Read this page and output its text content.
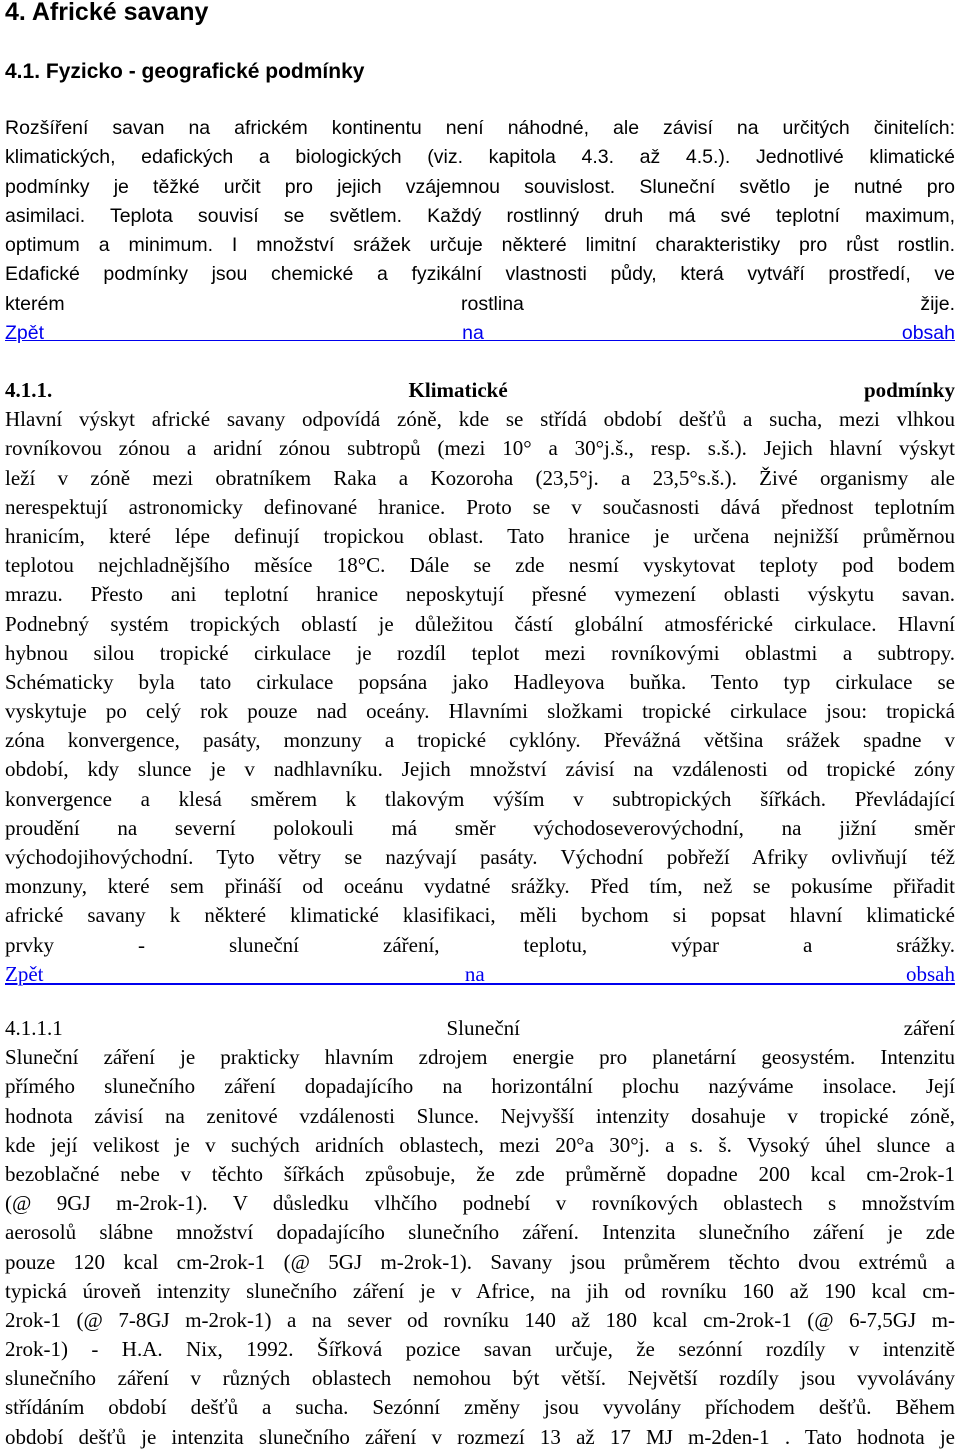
4. Africké savany
4.1. Fyzicko - geografické podmínky
Rozšíření savan na africkém kontinentu není náhodné, ale závisí na určitých činitelích:
klimatických, edafických a biologických (viz. kapitola 4.3. až 4.5.). Jednotlivé klimatické
podmínky je těžké určit pro jejich vzájemnou souvislost. Sluneční světlo je nutné pro
asimilaci. Teplota souvisí se světlem. Každý rostlinný druh má své teplotní maximum,
optimum a minimum. I množství srážek určuje některé limitní charakteristiky pro růst rostlin.
Edafické podmínky jsou chemické a fyzikální vlastnosti půdy, která vytváří prostředí, ve
kterém rostlina žije.
Zpět na obsah
4.1.1. Klimatické podmínky
Hlavní výskyt africké savany odpovídá zóně, kde se střídá období dešťů a sucha, mezi vlhkou
rovníkovou zónou a aridní zónou subtropů (mezi 10° a 30°j.š., resp. s.š.). Jejich hlavní výskyt
leží v zóně mezi obratníkem Raka a Kozoroha (23,5°j. a 23,5°s.š.). Živé organismy ale
nerespektují astronomicky definované hranice. Proto se v současnosti dává přednost teplotním
hranicím, které lépe definují tropickou oblast. Tato hranice je určena nejnižší průměrnou
teplotou nejchladnějšího měsíce 18°C. Dále se zde nesmí vyskytovat teploty pod bodem
mrazu. Přesto ani teplotní hranice neposkytují přesné vymezení oblasti výskytu savan.
Podnebný systém tropických oblastí je důležitou částí globální atmosférické cirkulace. Hlavní
hybnou silou tropické cirkulace je rozdíl teplot mezi rovníkovými oblastmi a subtropy.
Schématicky byla tato cirkulace popsána jako Hadleyova buňka. Tento typ cirkulace se
vyskytuje po celý rok pouze nad oceány. Hlavními složkami tropické cirkulace jsou: tropická
zóna konvergence, pasáty, monzuny a tropické cyklóny. Převážná většina srážek spadne v
období, kdy slunce je v nadhlavníku. Jejich množství závisí na vzdálenosti od tropické zóny
konvergence a klesá směrem k tlakovým výším v subtropických šířkách. Převládající
proudění na severní polokouli má směr východoseverovýchodní, na jižní směr
východojihovýchodní. Tyto větry se nazývají pasáty. Východní pobřeží Afriky ovlivňují též
monzuny, které sem přináší od oceánu vydatné srážky. Před tím, než se pokusíme přiřadit
africké savany k některé klimatické klasifikaci, měli bychom si popsat hlavní klimatické
prvky - sluneční záření, teplotu, výpar a srážky.
Zpět na obsah
4.1.1.1 Sluneční záření
Sluneční záření je prakticky hlavním zdrojem energie pro planetární geosystém. Intenzitu
přímého slunečního záření dopadajícího na horizontální plochu nazýváme insolace. Její
hodnota závisí na zenitové vzdálenosti Slunce. Nejvyšší intenzity dosahuje v tropické zóně,
kde její velikost je v suchých aridních oblastech, mezi 20°a 30°j. a s. š. Vysoký úhel slunce a
bezoblačné nebe v těchto šířkách způsobuje, že zde průměrně dopadne 200 kcal cm-2rok-1
(@ 9GJ m-2rok-1). V důsledku vlhčího podnebí v rovníkových oblastech s množstvím
aerosolů slábne množství dopadajícího slunečního záření. Intenzita slunečního záření je zde
pouze 120 kcal cm-2rok-1 (@ 5GJ m-2rok-1). Savany jsou průměrem těchto dvou extrémů a
typická úroveň intenzity slunečního záření je v Africe, na jih od rovníku 160 až 190 kcal cm-
2rok-1 (@ 7-8GJ m-2rok-1) a na sever od rovníku 140 až 180 kcal cm-2rok-1 (@ 6-7,5GJ m-
2rok-1) - H.A. Nix, 1992. Šířková pozice savan určuje, že sezónní rozdíly v intenzitě
slunečního záření v různých oblastech nemohou být větší. Největší rozdíly jsou vyvolávány
střídáním období dešťů a sucha. Sezónní změny jsou vyvolány příchodem dešťů. Během
období dešťů je intenzita slunečního záření v rozmezí 13 až 17 MJ m-2den-1 . Tato hodnota je
